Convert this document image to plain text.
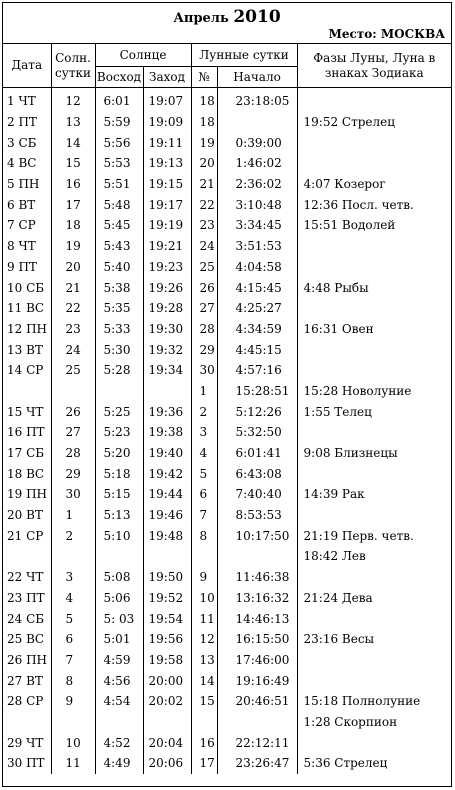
Апрель 2010
Место: МОСКВА
Дата	Солн. сутки	Солнце		Лунные сутки		Фазы Луны, Луна в знаках Зодиака
		Восход	Заход	№	Начало	
1 ЧТ	12	6:01	19:07	18	23:18:05	
2 ПТ	13	5:59	19:09	18		19:52 Стрелец
3 СБ	14	5:56	19:11	19	0:39:00	
4 ВС	15	5:53	19:13	20	1:46:02	
5 ПН	16	5:51	19:15	21	2:36:02	4:07 Козерог
6 ВТ	17	5:48	19:17	22	3:10:48	12:36 Посл. четв.
7 СР	18	5:45	19:19	23	3:34:45	15:51 Водолей
8 ЧТ	19	5:43	19:21	24	3:51:53	
9 ПТ	20	5:40	19:23	25	4:04:58	
10 СБ	21	5:38	19:26	26	4:15:45	4:48 Рыбы
11 ВС	22	5:35	19:28	27	4:25:27	
12 ПН	23	5:33	19:30	28	4:34:59	16:31 Овен
13 ВТ	24	5:30	19:32	29	4:45:15	
14 СР	25	5:28	19:34	30	4:57:16	
				1	15:28:51	15:28 Новолуние
15 ЧТ	26	5:25	19:36	2	5:12:26	1:55 Телец
16 ПТ	27	5:23	19:38	3	5:32:50	
17 СБ	28	5:20	19:40	4	6:01:41	9:08 Близнецы
18 ВС	29	5:18	19:42	5	6:43:08	
19 ПН	30	5:15	19:44	6	7:40:40	14:39 Рак
20 ВТ	1	5:13	19:46	7	8:53:53	
21 СР	2	5:10	19:48	8	10:17:50	21:19 Перв. четв.
						18:42 Лев
22 ЧТ	3	5:08	19:50	9	11:46:38	
23 ПТ	4	5:06	19:52	10	13:16:32	21:24 Дева
24 СБ	5	5: 03	19:54	11	14:46:13	
25 ВС	6	5:01	19:56	12	16:15:50	23:16 Весы
26 ПН	7	4:59	19:58	13	17:46:00	
27 ВТ	8	4:56	20:00	14	19:16:49	
28 СР	9	4:54	20:02	15	20:46:51	15:18 Полнолуние
						1:28 Скорпион
29 ЧТ	10	4:52	20:04	16	22:12:11	
30 ПТ	11	4:49	20:06	17	23:26:47	5:36 Стрелец
